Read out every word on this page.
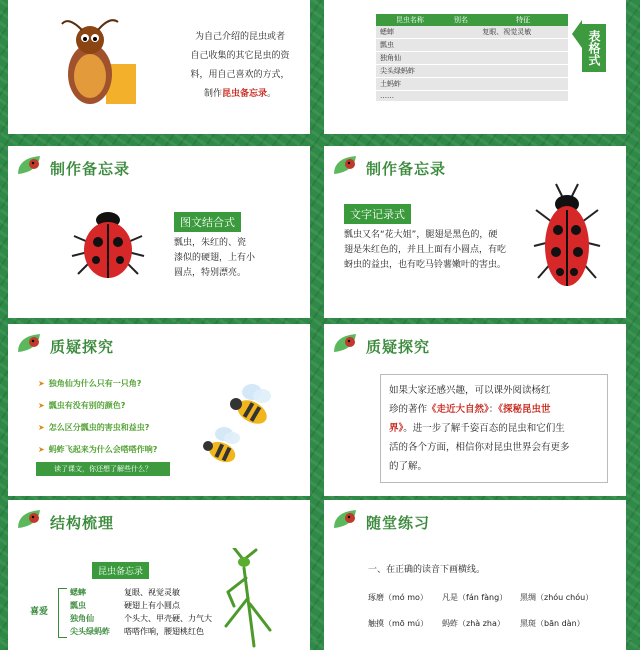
为自己介绍的昆虫或者
自己收集的其它昆虫的资
料，用自己喜欢的方式，
制作昆虫备忘录。
昆虫名称	别名	特征
蟋蟀		复眼、视觉灵敏
瓢虫		
独角仙		
尖头绿蚂蚱		
土蚂蚱		
……		
表格式
制作备忘录
图文结合式
瓢虫，朱红的、瓷
漆似的硬翅，上有小
圆点，特别漂亮。
制作备忘录
文字记录式
瓢虫又名“花大姐”，腿翅是黑色的，硬
翅是朱红色的，并且上面有小圆点，有吃
蚜虫的益虫，也有吃马铃薯嫩叶的害虫。
质疑探究
➤ 独角仙为什么只有一只角?
➤ 瓢虫有没有别的颜色?
➤ 怎么区分瓢虫的害虫和益虫?
➤ 蚂蚱飞起来为什么会嗒嗒作响?
读了课文，你还想了解些什么？
质疑探究
如果大家还感兴趣，可以课外阅读杨红
珍的著作《走近大自然》：《探秘昆虫世
界》。进一步了解千姿百态的昆虫和它们生
活的各个方面，相信你对昆虫世界会有更多
的了解。
结构梳理
昆虫备忘录
喜爱
蟋蟀	复眼、视觉灵敏
瓢虫	硬翅上有小圆点
独角仙	个头大、甲壳硬、力气大
尖头绿蚂蚱 嗒嗒作响，腰翅桃红色
随堂练习
一、在正确的读音下画横线。
琢磨（mó mo） 凡是（fán fàng） 黑绸（zhóu chóu）
触摸（mō mú） 蚂蚱（zhà zha） 黑斑（bān dàn）
